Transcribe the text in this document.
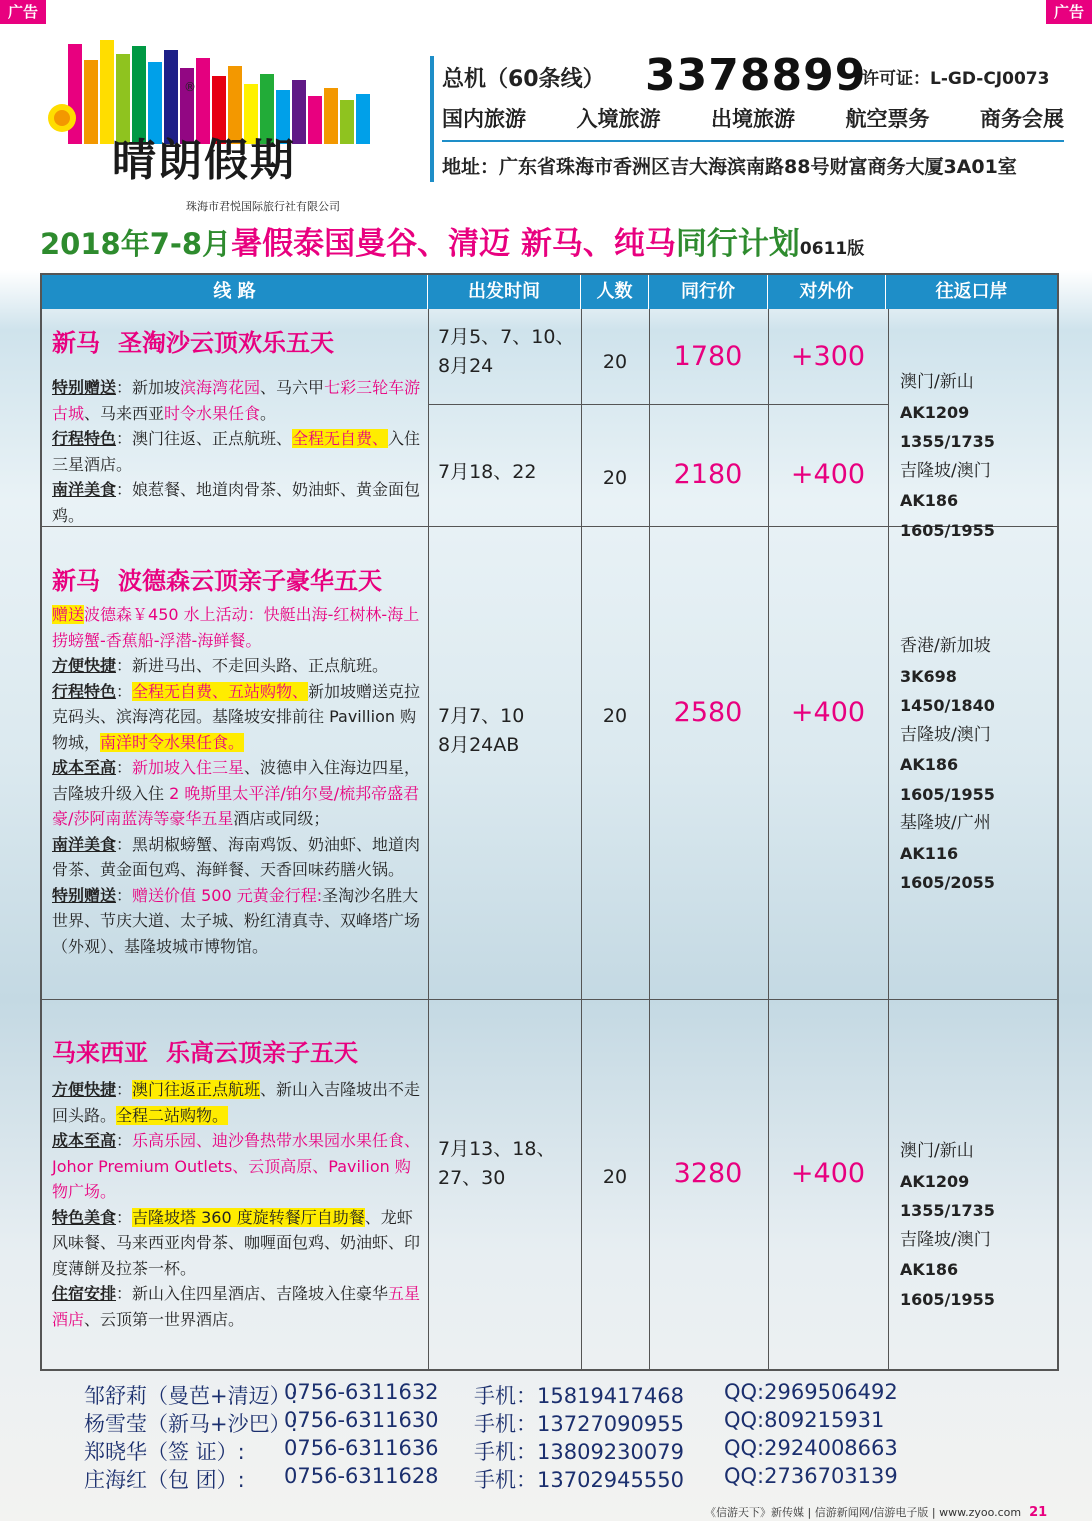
广告	广告
晴朗假期
®
珠海市君悦国际旅行社有限公司
总机（60条线） 3378899
许可证：L-GD-CJ0073
国内旅游 入境旅游 出境旅游 航空票务 商务会展
地址：广东省珠海市香洲区吉大海滨南路88号财富商务大厦3A01室
2018年7-8月暑假泰国曼谷、清迈 新马、纯马同行计划0611版
线 路	出发时间	人数	同行价	对外价	往返口岸
新马 圣淘沙云顶欢乐五天
特别赠送：新加坡滨海湾花园、马六甲七彩三轮车游古城、马来西亚时令水果任食。
行程特色：澳门往返、正点航班、全程无自费、入住三星酒店。
南洋美食：娘惹餐、地道肉骨茶、奶油虾、黄金面包鸡。
7月5、7、10、
8月24	20	1780	+300
7月18、22	20	2180	+400
澳门/新山
AK1209 1355/1735
吉隆坡/澳门
AK186 1605/1955
新马 波德森云顶亲子豪华五天
赠送波德森￥450 水上活动：快艇出海-红树林-海上捞螃蟹-香蕉船-浮潜-海鲜餐。
方便快捷：新进马出、不走回头路、正点航班。
行程特色：全程无自费、五站购物、新加坡赠送克拉克码头、滨海湾花园。基隆坡安排前往 Pavillion 购物城，南洋时令水果任食。
成本至高：新加坡入住三星、波德申入住海边四星，吉隆坡升级入住 2 晚斯里太平洋/铂尔曼/梳邦帝盛君豪/莎阿南蓝涛等豪华五星酒店或同级；
南洋美食：黑胡椒螃蟹、海南鸡饭、奶油虾、地道肉骨茶、黄金面包鸡、海鲜餐、天香回味药膳火锅。
特别赠送：赠送价值 500 元黄金行程:圣淘沙名胜大世界、节庆大道、太子城、粉红清真寺、双峰塔广场（外观）、基隆坡城市博物馆。
7月7、10
8月24AB
20	2580	+400
香港/新加坡
3K698 1450/1840
吉隆坡/澳门
AK186 1605/1955
基隆坡/广州
AK116 1605/2055
马来西亚 乐高云顶亲子五天
方便快捷：澳门往返正点航班、新山入吉隆坡出不走回头路。全程二站购物。
成本至高：乐高乐园、迪沙鲁热带水果园水果任食、Johor Premium Outlets、云顶高原、Pavilion 购物广场。
特色美食：吉隆坡塔 360 度旋转餐厅自助餐、龙虾风味餐、马来西亚肉骨茶、咖喱面包鸡、奶油虾、印度薄餅及拉茶一杯。
住宿安排：新山入住四星酒店、吉隆坡入住豪华五星酒店、云顶第一世界酒店。
7月13、18、
27、30	20	3280	+400
澳门/新山
AK1209 1355/1735
吉隆坡/澳门
AK186 1605/1955
邹舒莉（曼芭+清迈）:
0756-6311632 手机：15819417468 QQ:2969506492
杨雪莹（新马+沙巴）:
0756-6311630 手机：13727090955 QQ:809215931
郑晓华（签 证）: 0756-6311636 手机：13809230079 QQ:2924008663
庄海红（包 团）: 0756-6311628 手机：13702945550 QQ:2736703139
《信游天下》新传媒 | 信游新闻网/信游电子版 | www.zyoo.com 21
